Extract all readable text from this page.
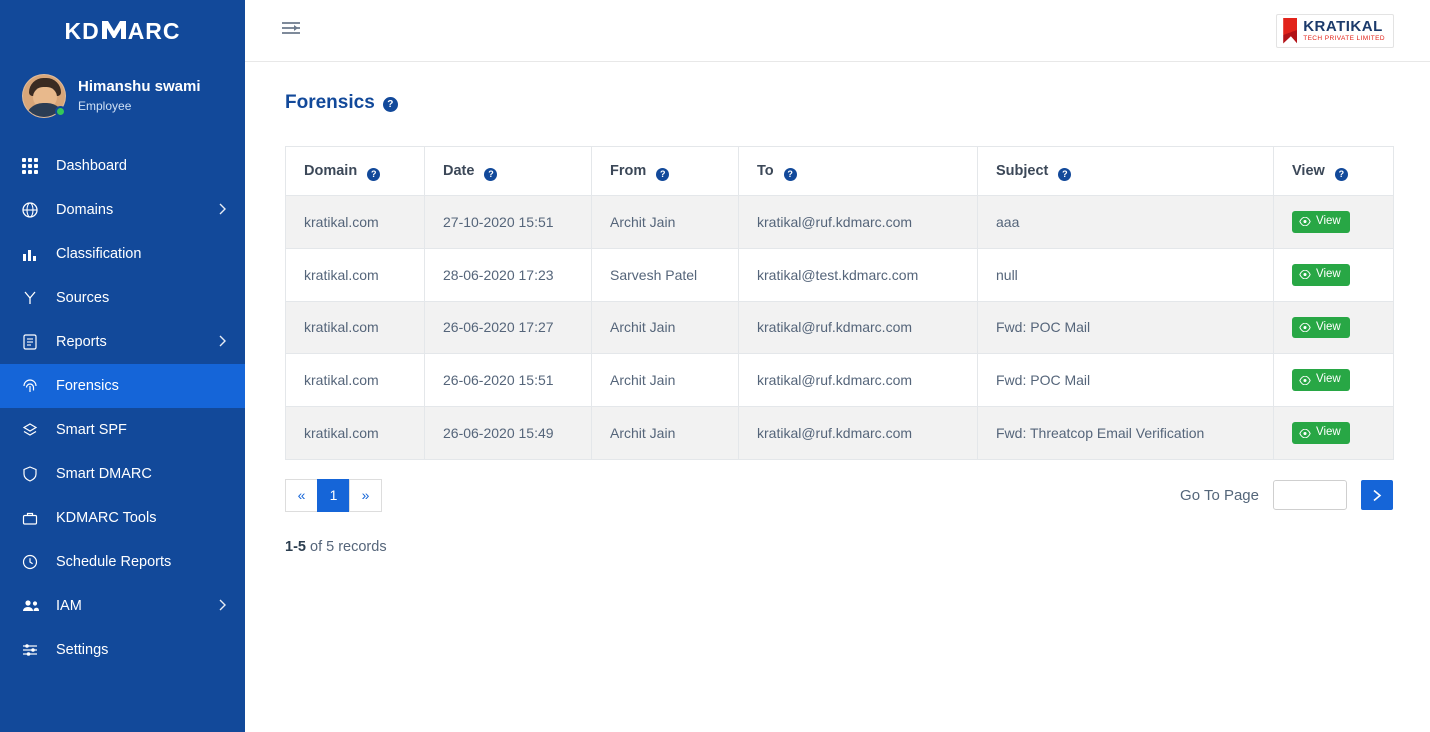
KD ARC
Himanshu swami
Employee
Dashboard
Domains
Classification
Sources
Reports
Forensics
Smart SPF
Smart DMARC
KDMARC Tools
Schedule Reports
IAM
Settings
KRATIKAL
TECH PRIVATE LIMITED
Forensics	?
Domain ?	Date ?	From ?	To ?	Subject ?	View ?
kratikal.com	27-10-2020 15:51	Archit Jain	kratikal@ruf.kdmarc.com	aaa	View

kratikal.com	28-06-2020 17:23	Sarvesh Patel	kratikal@test.kdmarc.com	null	View

kratikal.com	26-06-2020 17:27	Archit Jain	kratikal@ruf.kdmarc.com	Fwd: POC Mail	View

kratikal.com	26-06-2020 15:51	Archit Jain	kratikal@ruf.kdmarc.com	Fwd: POC Mail	View

kratikal.com	26-06-2020 15:49	Archit Jain	kratikal@ruf.kdmarc.com	Fwd: Threatcop Email Verification	View
«	1	»	Go To Page
1-5 of 5 records
